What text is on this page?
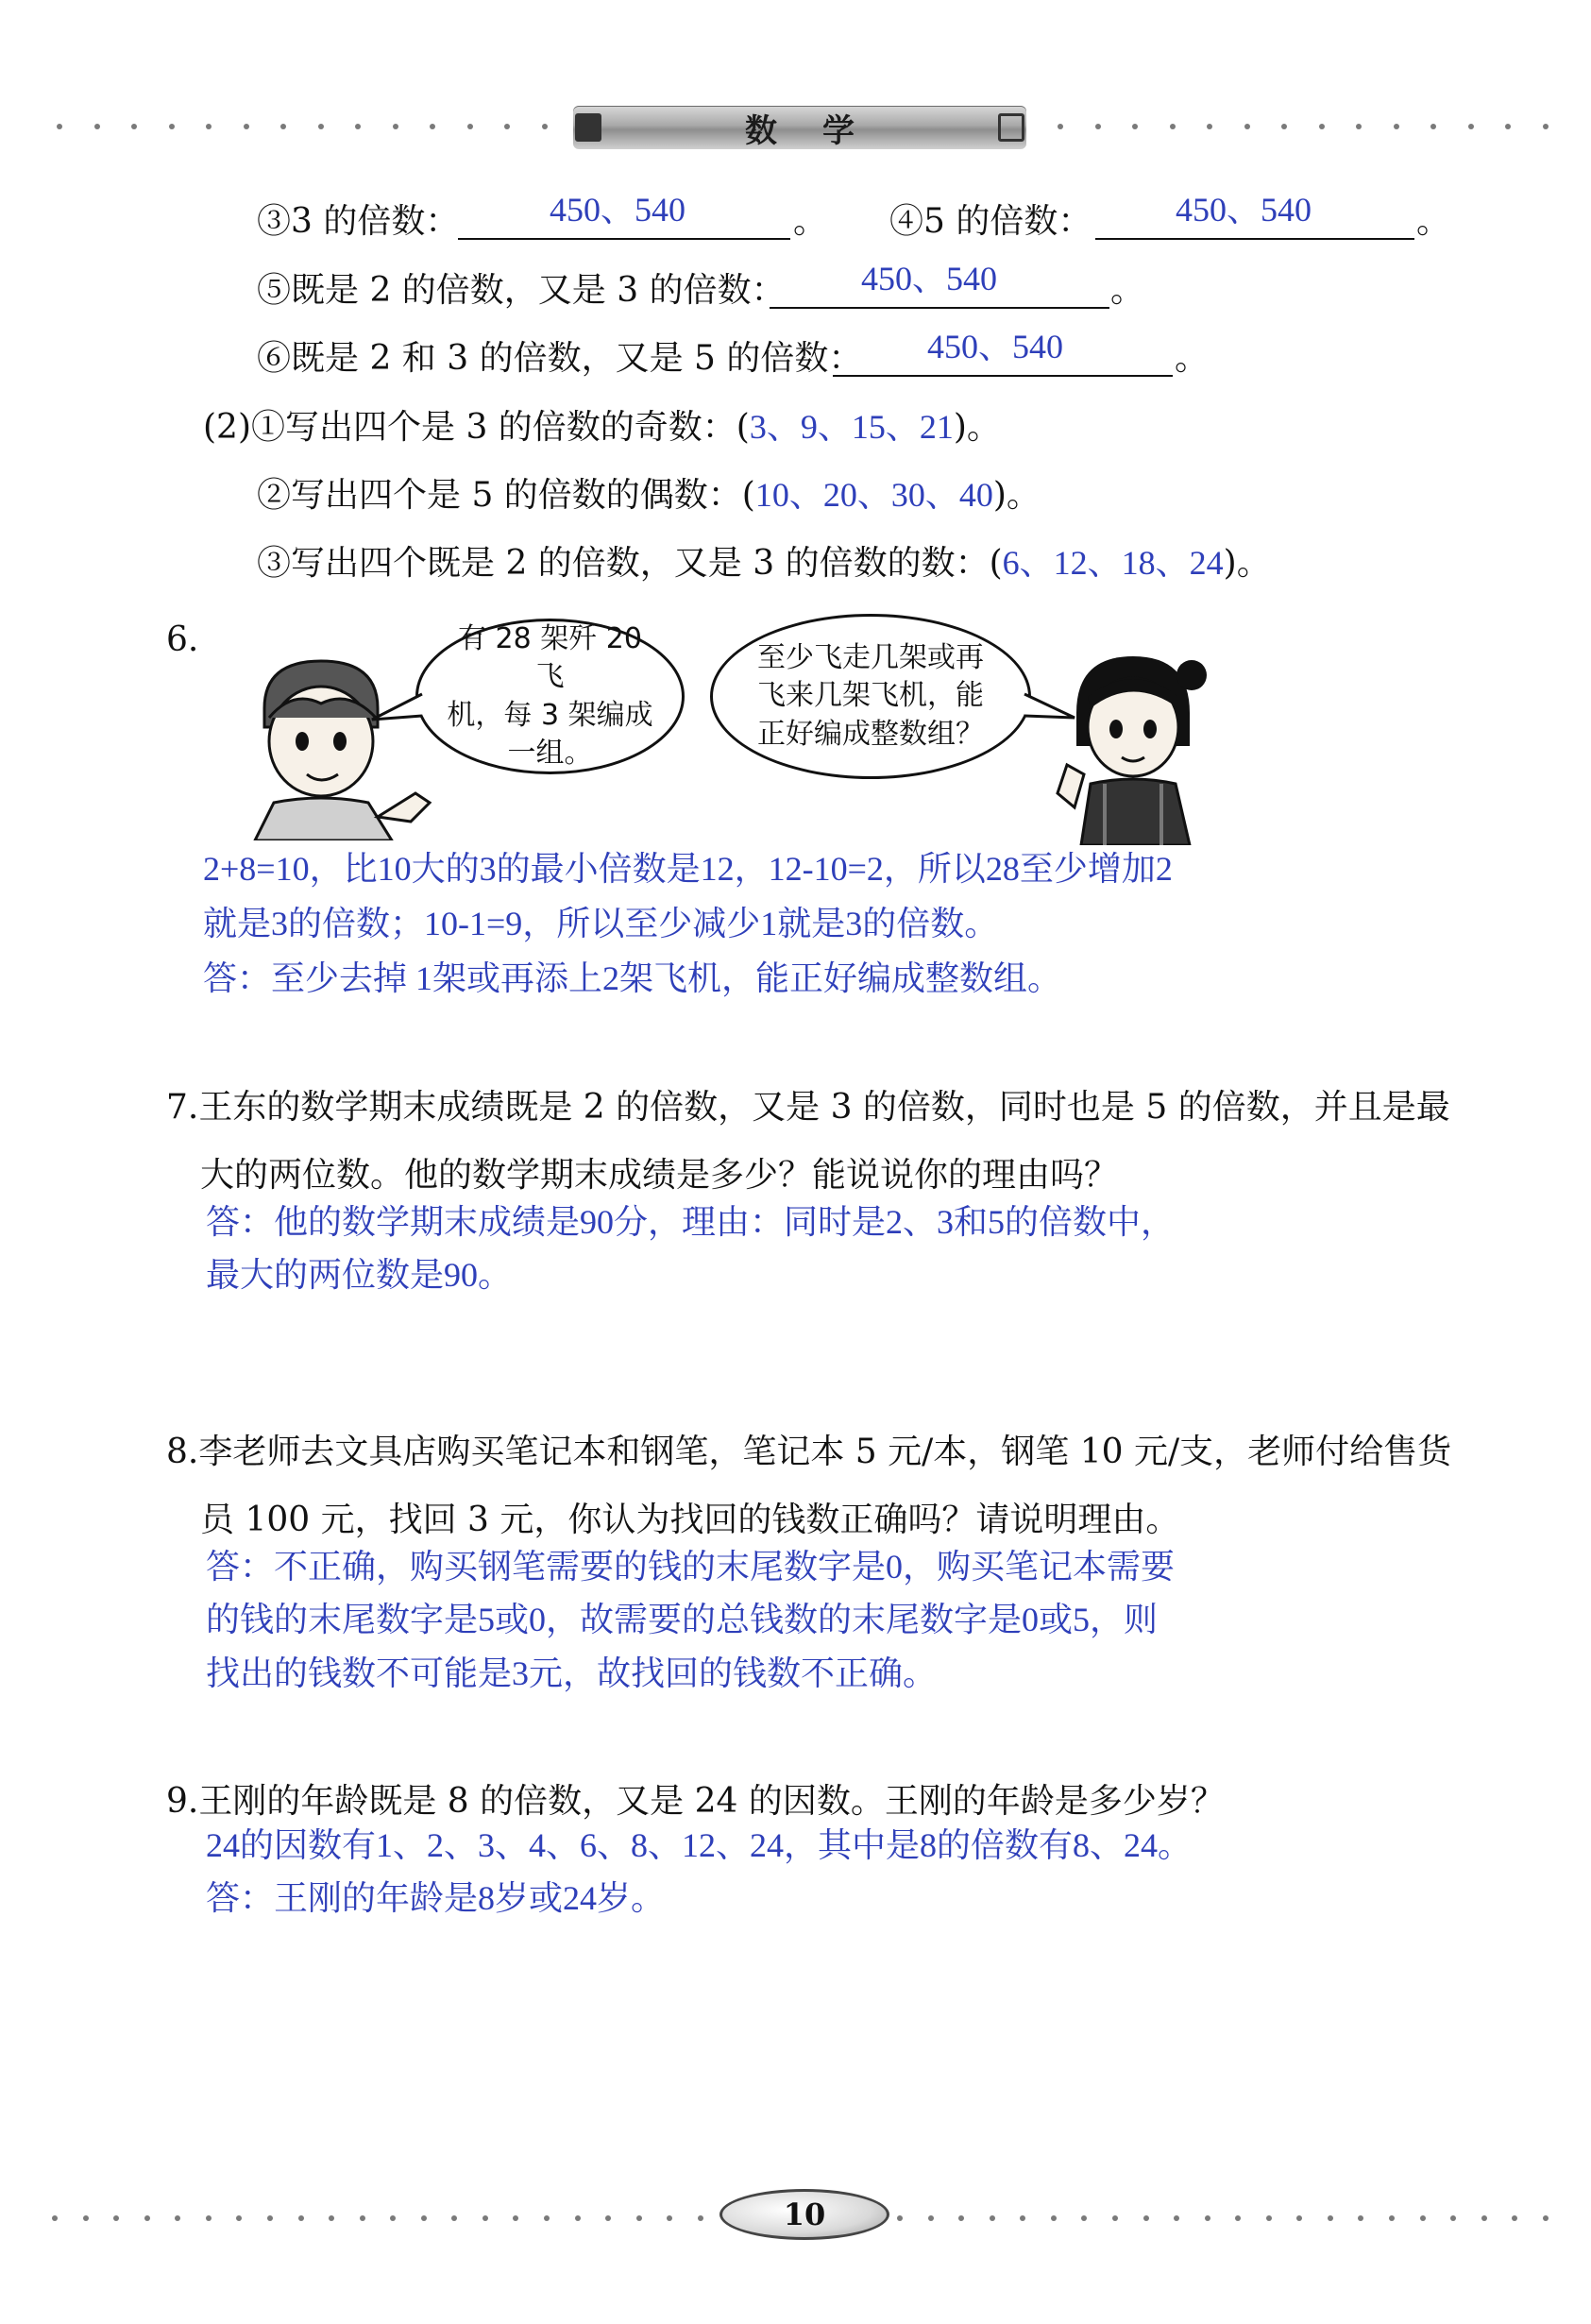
数学
③3 的倍数：	450、540	。 ④5 的倍数： 450、540	。
⑤既是 2 的倍数，又是 3 的倍数： 450、540	。
⑥既是 2 和 3 的倍数，又是 5 的倍数： 450、540	。
(2)①写出四个是 3 的倍数的奇数：(3、9、15、21)。
②写出四个是 5 的倍数的偶数：(10、20、30、40)。
③写出四个既是 2 的倍数，又是 3 的倍数的数：(6、12、18、24)。
6.	有 28 架歼 20 飞
机，每 3 架编成
一组。
至少飞走几架或再
飞来几架飞机，能
正好编成整数组？
2+8=10，比10大的3的最小倍数是12，12-10=2，所以28至少增加2
就是3的倍数；10-1=9，所以至少减少1就是3的倍数。
答：至少去掉 1架或再添上2架飞机，能正好编成整数组。
7.王东的数学期末成绩既是 2 的倍数，又是 3 的倍数，同时也是 5 的倍数，并且是最
大的两位数。他的数学期末成绩是多少？能说说你的理由吗？
答：他的数学期末成绩是90分，理由：同时是2、3和5的倍数中，
最大的两位数是90。
8.李老师去文具店购买笔记本和钢笔，笔记本 5 元/本，钢笔 10 元/支，老师付给售货
员 100 元，找回 3 元，你认为找回的钱数正确吗？请说明理由。
答：不正确，购买钢笔需要的钱的末尾数字是0，购买笔记本需要
的钱的末尾数字是5或0，故需要的总钱数的末尾数字是0或5，则
找出的钱数不可能是3元，故找回的钱数不正确。
9.王刚的年龄既是 8 的倍数，又是 24 的因数。王刚的年龄是多少岁？
24的因数有1、2、3、4、6、8、12、24，其中是8的倍数有8、24。
答：王刚的年龄是8岁或24岁。
10
